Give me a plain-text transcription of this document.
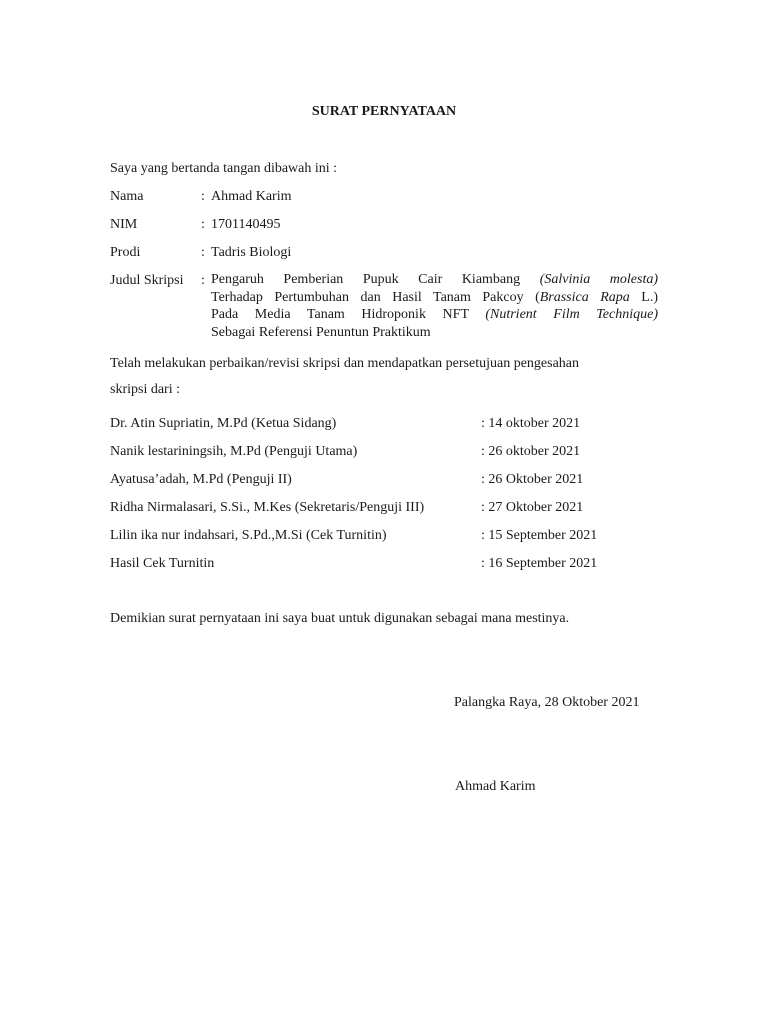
SURAT PERNYATAAN
Saya yang bertanda tangan dibawah ini :
Nama	: Ahmad Karim
NIM	: 1701140495
Prodi	: Tadris Biologi
Judul Skripsi : Pengaruh Pemberian Pupuk Cair Kiambang (Salvinia molesta)
Terhadap Pertumbuhan dan Hasil Tanam Pakcoy (Brassica Rapa L.)
Pada Media Tanam Hidroponik NFT (Nutrient Film Technique)
Sebagai Referensi Penuntun Praktikum
Telah melakukan perbaikan/revisi skripsi dan mendapatkan persetujuan pengesahan
skripsi dari :
Dr. Atin Supriatin, M.Pd (Ketua Sidang)	: 14 oktober 2021
Nanik lestariningsih, M.Pd (Penguji Utama)	: 26 oktober 2021
Ayatusa’adah, M.Pd (Penguji II)	: 26 Oktober 2021
Ridha Nirmalasari, S.Si., M.Kes (Sekretaris/Penguji III)	: 27 Oktober 2021
Lilin ika nur indahsari, S.Pd.,M.Si (Cek Turnitin)	: 15 September 2021
Hasil Cek Turnitin	: 16 September 2021
Demikian surat pernyataan ini saya buat untuk digunakan sebagai mana mestinya.
Palangka Raya, 28 Oktober 2021
Ahmad Karim
